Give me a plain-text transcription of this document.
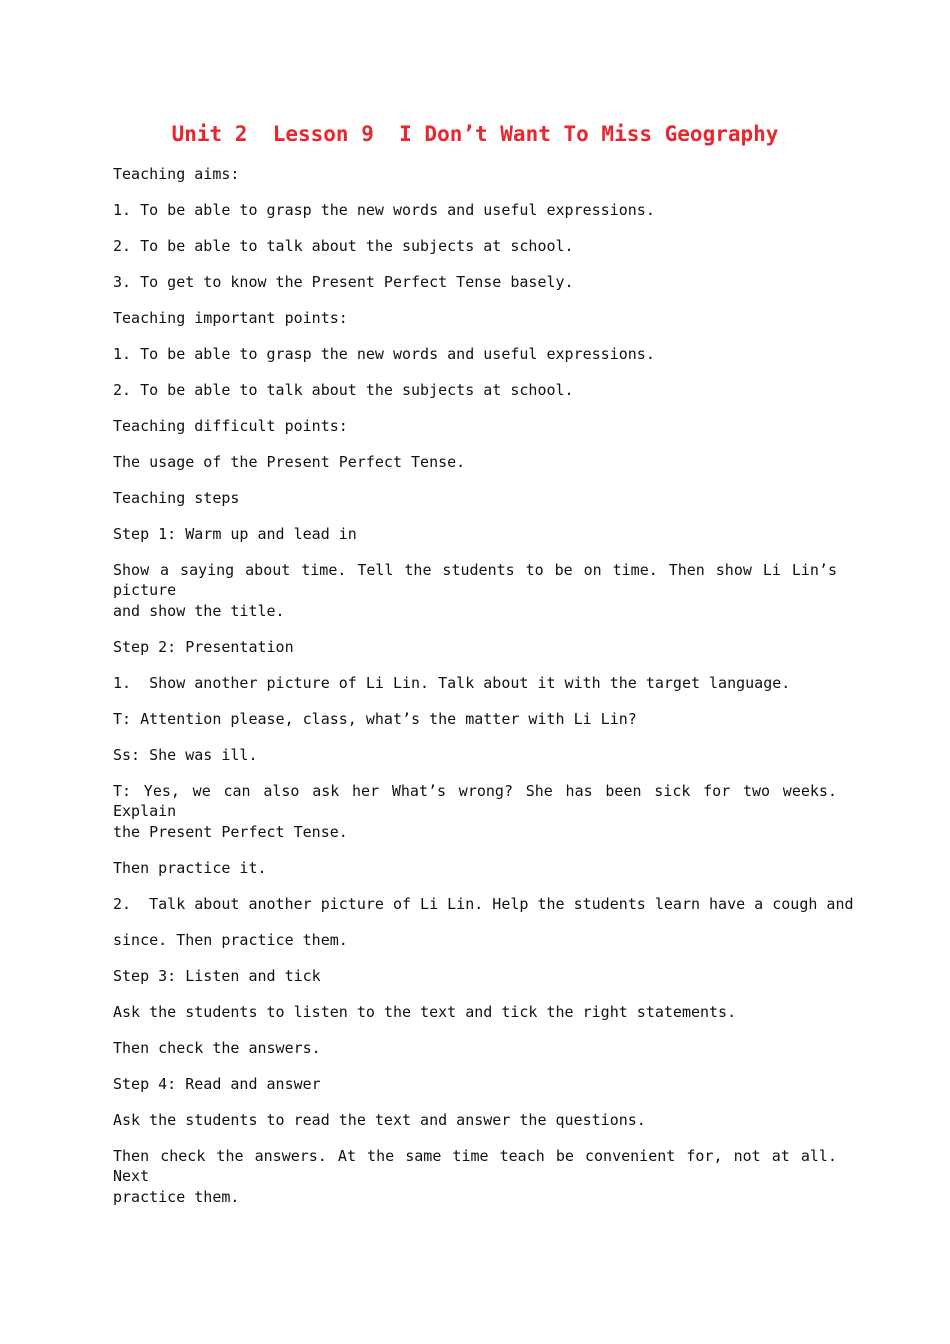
Unit 2  Lesson 9  I Don’t Want To Miss Geography
Teaching aims:
1. To be able to grasp the new words and useful expressions.
2. To be able to talk about the subjects at school.
3. To get to know the Present Perfect Tense basely.
Teaching important points:
1. To be able to grasp the new words and useful expressions.
2. To be able to talk about the subjects at school.
Teaching difficult points:
The usage of the Present Perfect Tense.
Teaching steps
Step 1: Warm up and lead in
Show a saying about time. Tell the students to be on time. Then show Li Lin’s picture
and show the title.
Step 2: Presentation
1.  Show another picture of Li Lin. Talk about it with the target language.
T: Attention please, class, what’s the matter with Li Lin?
Ss: She was ill.
T: Yes, we can also ask her What’s wrong? She has been sick for two weeks. Explain
the Present Perfect Tense.
Then practice it.
2.  Talk about another picture of Li Lin. Help the students learn have a cough and
since. Then practice them.
Step 3: Listen and tick
Ask the students to listen to the text and tick the right statements.
Then check the answers.
Step 4: Read and answer
Ask the students to read the text and answer the questions.
Then check the answers. At the same time teach be convenient for, not at all. Next
practice them.
